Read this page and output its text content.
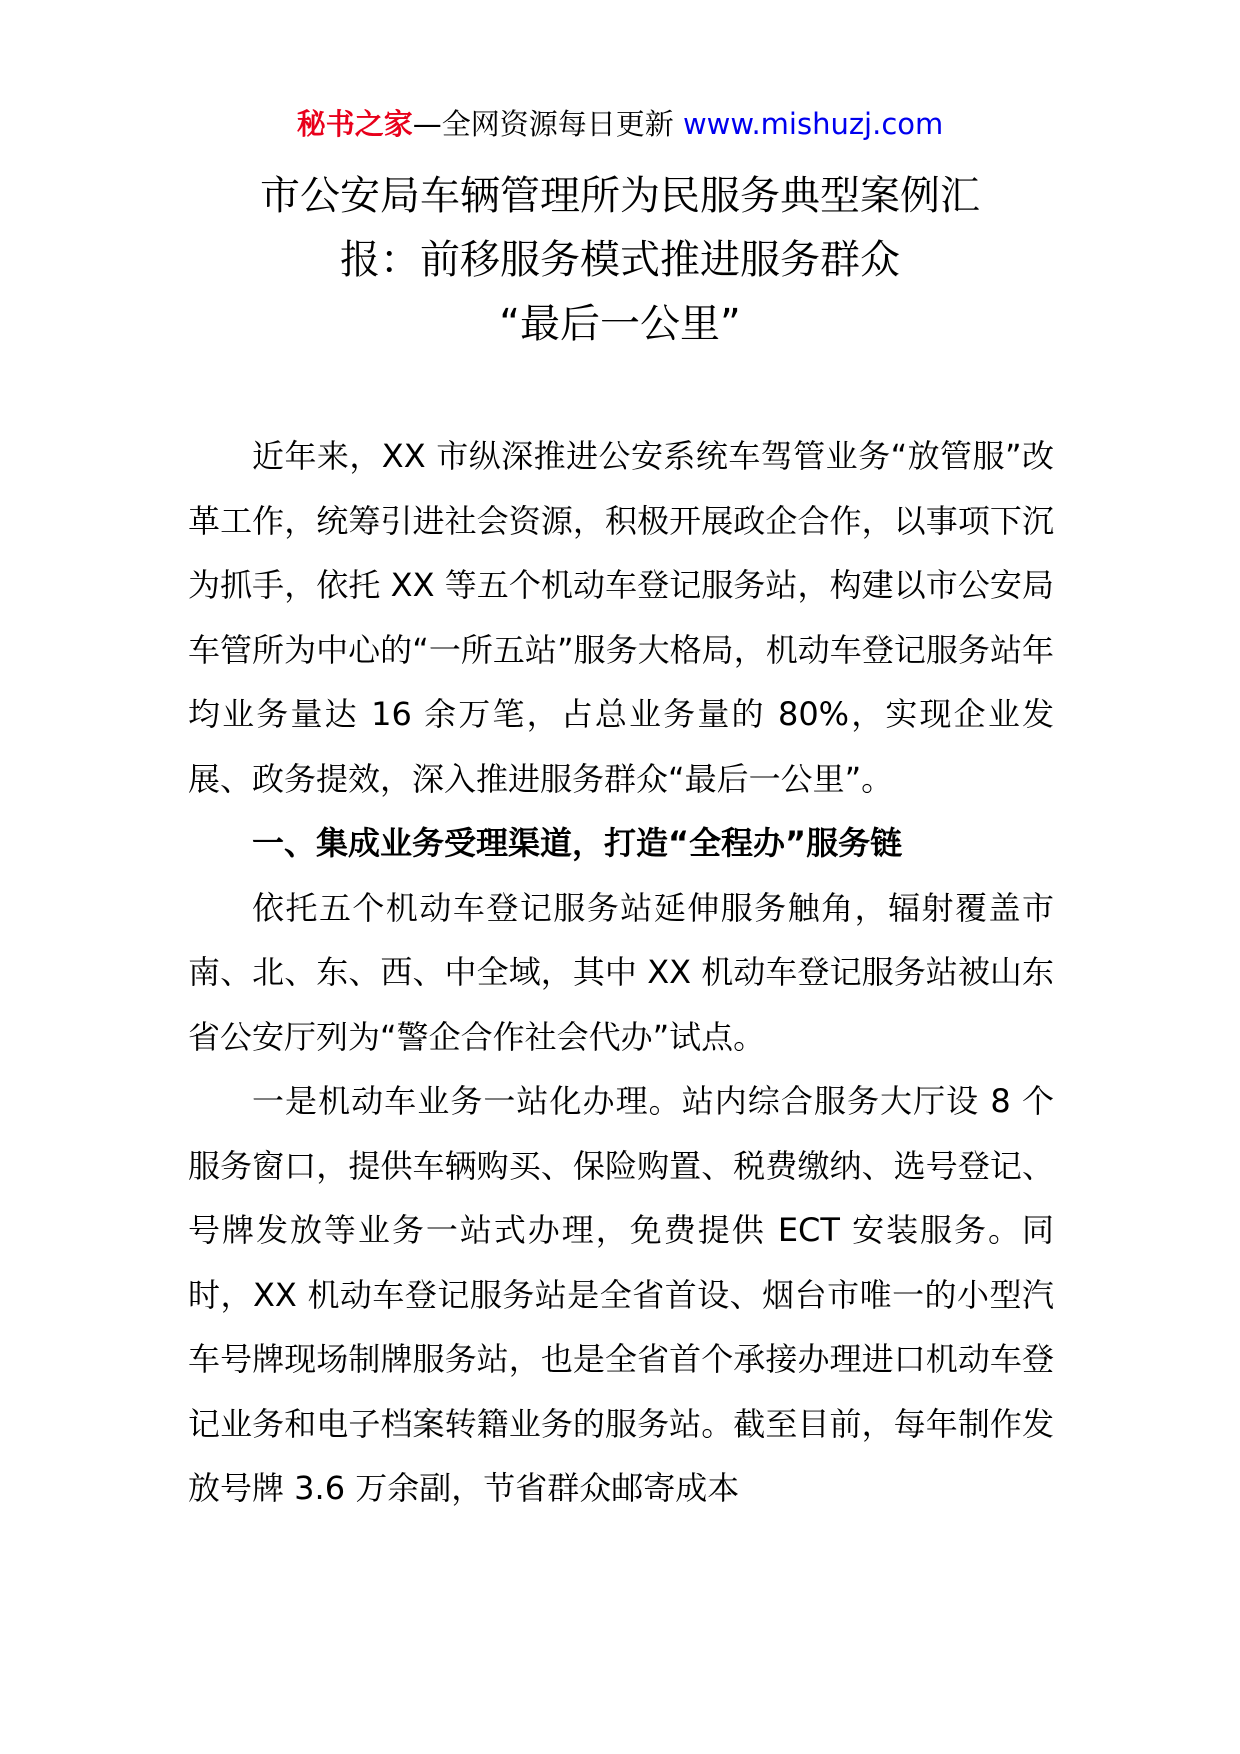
秘书之家—全网资源每日更新 www.mishuzj.com
市公安局车辆管理所为民服务典型案例汇
报：前移服务模式推进服务群众
“最后一公里”

近年来，XX 市纵深推进公安系统车驾管业务“放管服”改革工作，统筹引进社会资源，积极开展政企合作，以事项下沉为抓手，依托 XX 等五个机动车登记服务站，构建以市公安局车管所为中心的“一所五站”服务大格局，机动车登记服务站年均业务量达 16 余万笔，占总业务量的 80%，实现企业发展、政务提效，深入推进服务群众“最后一公里”。

一、集成业务受理渠道，打造“全程办”服务链

依托五个机动车登记服务站延伸服务触角，辐射覆盖市南、北、东、西、中全域，其中 XX 机动车登记服务站被山东省公安厅列为“警企合作社会代办”试点。

一是机动车业务一站化办理。站内综合服务大厅设 8 个服务窗口，提供车辆购买、保险购置、税费缴纳、选号登记、号牌发放等业务一站式办理，免费提供 ECT 安装服务。同时，XX 机动车登记服务站是全省首设、烟台市唯一的小型汽车号牌现场制牌服务站，也是全省首个承接办理进口机动车登记业务和电子档案转籍业务的服务站。截至目前，每年制作发放号牌 3.6 万余副，节省群众邮寄成本
